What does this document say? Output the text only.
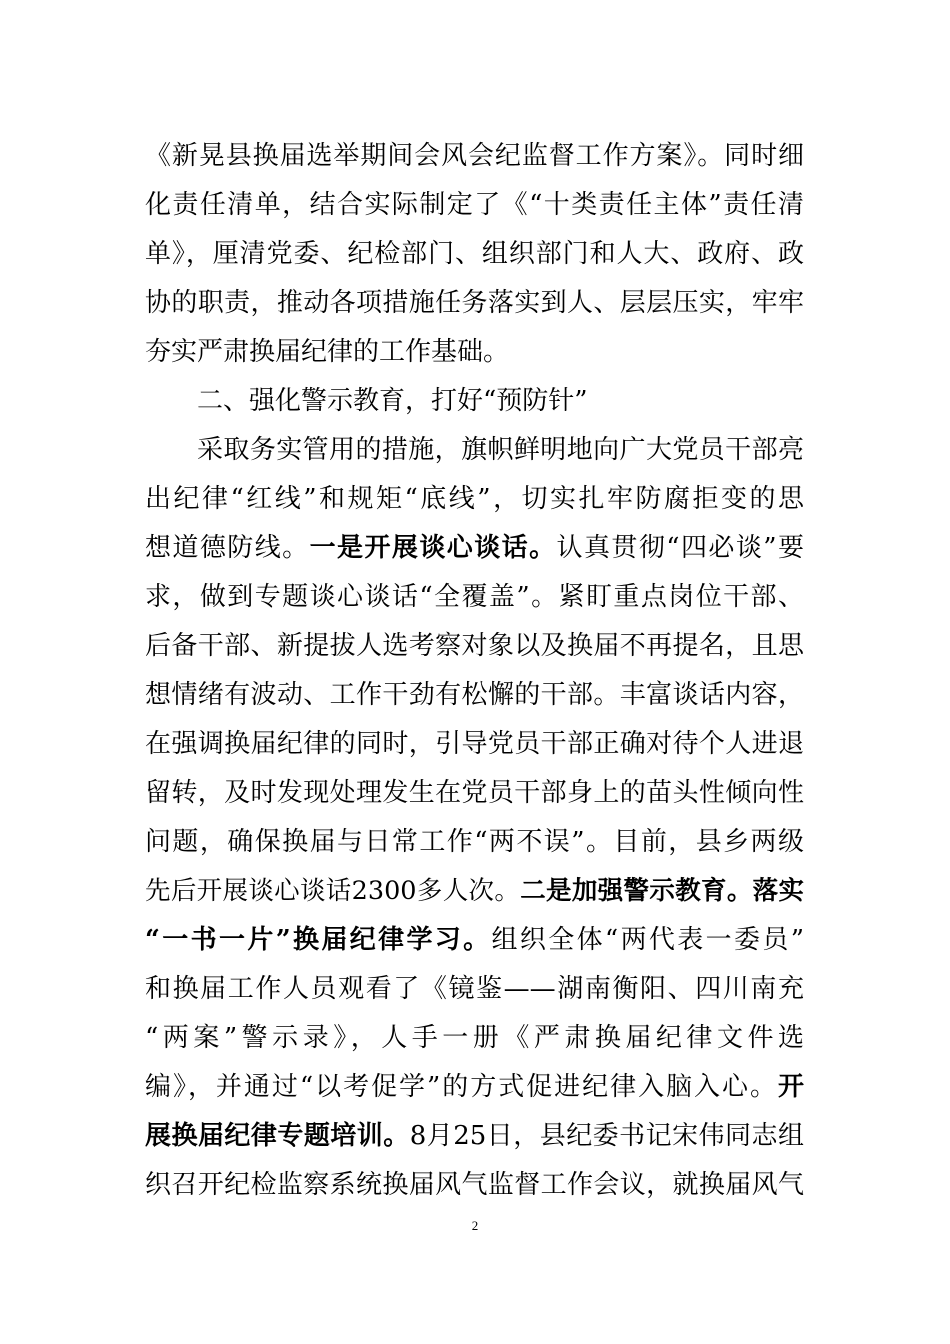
《新晃县换届选举期间会风会纪监督工作方案》。同时细
化责任清单，结合实际制定了《“十类责任主体”责任清
单》，厘清党委、纪检部门、组织部门和人大、政府、政
协的职责，推动各项措施任务落实到人、层层压实，牢牢
夯实严肃换届纪律的工作基础。
二、强化警示教育，打好“预防针”
采取务实管用的措施，旗帜鲜明地向广大党员干部亮
出纪律“红线”和规矩“底线”，切实扎牢防腐拒变的思
想道德防线。一是开展谈心谈话。认真贯彻“四必谈”要
求，做到专题谈心谈话“全覆盖”。紧盯重点岗位干部、
后备干部、新提拔人选考察对象以及换届不再提名，且思
想情绪有波动、工作干劲有松懈的干部。丰富谈话内容，
在强调换届纪律的同时，引导党员干部正确对待个人进退
留转，及时发现处理发生在党员干部身上的苗头性倾向性
问题，确保换届与日常工作“两不误”。目前，县乡两级
先后开展谈心谈话2300多人次。二是加强警示教育。落实
“一书一片”换届纪律学习。组织全体“两代表一委员”
和换届工作人员观看了《镜鉴——湖南衡阳、四川南充
“两案”警示录》，人手一册《严肃换届纪律文件选
编》，并通过“以考促学”的方式促进纪律入脑入心。开
展换届纪律专题培训。8月25日，县纪委书记宋伟同志组
织召开纪检监察系统换届风气监督工作会议，就换届风气
2
